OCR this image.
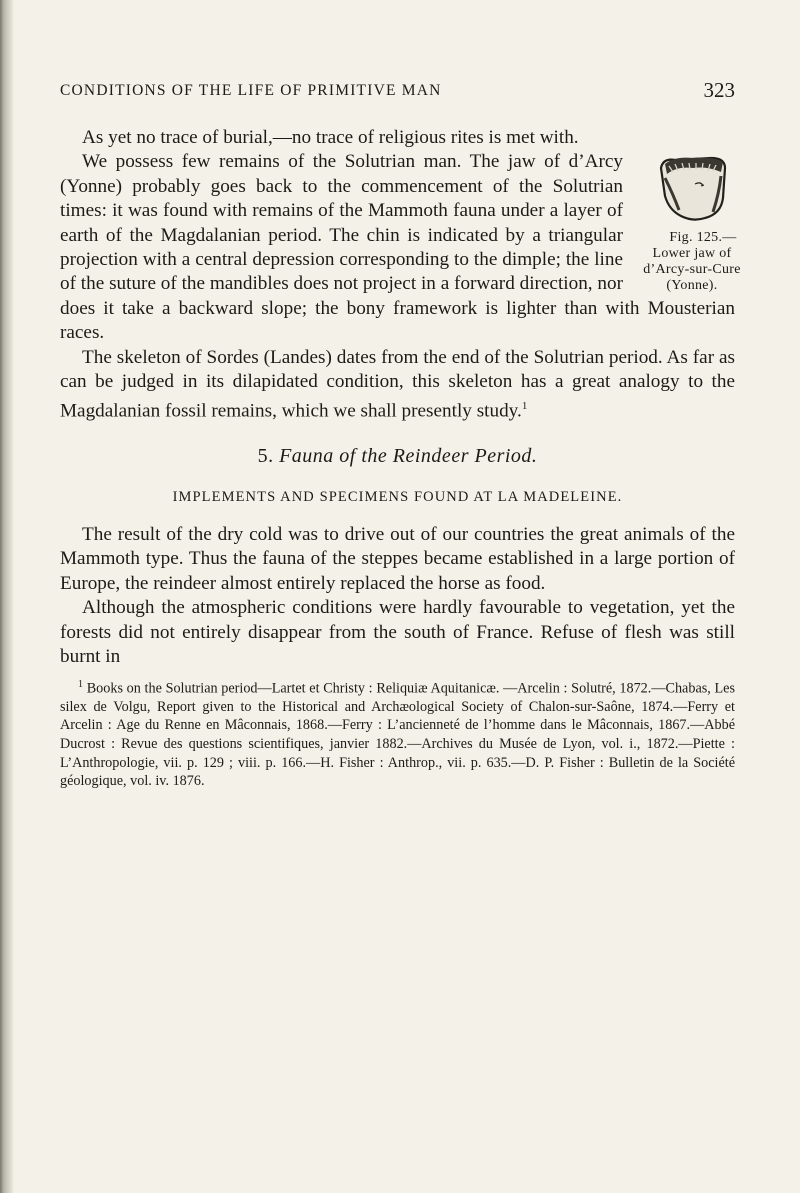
CONDITIONS OF THE LIFE OF PRIMITIVE MAN	323

As yet no trace of burial,—no trace of religious rites is met with.

Fig. 125.—Lower jaw of d’Arcy-sur-Cure (Yonne).
We possess few remains of the Solutrian man. The jaw of d’Arcy (Yonne) probably goes back to the commencement of the Solutrian times: it was found with remains of the Mammoth fauna under a layer of earth of the Magdalanian period. The chin is indicated by a triangular projection with a central depression corresponding to the dimple; the line of the suture of the mandibles does not project in a forward direction, nor does it take a backward slope; the bony framework is lighter than with Mousterian races.

The skeleton of Sordes (Landes) dates from the end of the Solutrian period. As far as can be judged in its dilapidated condition, this skeleton has a great analogy to the Magdalanian fossil remains, which we shall presently study.$^1$

5. Fauna of the Reindeer Period.
IMPLEMENTS AND SPECIMENS FOUND AT LA MADELEINE.

The result of the dry cold was to drive out of our countries the great animals of the Mammoth type. Thus the fauna of the steppes became established in a large portion of Europe, the reindeer almost entirely replaced the horse as food.

Although the atmospheric conditions were hardly favourable to vegetation, yet the forests did not entirely disappear from the south of France. Refuse of flesh was still burnt in

$^1$ Books on the Solutrian period—Lartet et Christy : Reliquiæ Aquitanicæ. —Arcelin : Solutré, 1872.—Chabas, Les silex de Volgu, Report given to the Historical and Archæological Society of Chalon-sur-Saône, 1874.—Ferry et Arcelin : Age du Renne en Mâconnais, 1868.—Ferry : L’ancienneté de l’homme dans le Mâconnais, 1867.—Abbé Ducrost : Revue des questions scientifiques, janvier 1882.—Archives du Musée de Lyon, vol. i., 1872.—Piette : L’Anthropologie, vii. p. 129 ; viii. p. 166.—H. Fisher : Anthrop., vii. p. 635.—D. P. Fisher : Bulletin de la Société géologique, vol. iv. 1876.
